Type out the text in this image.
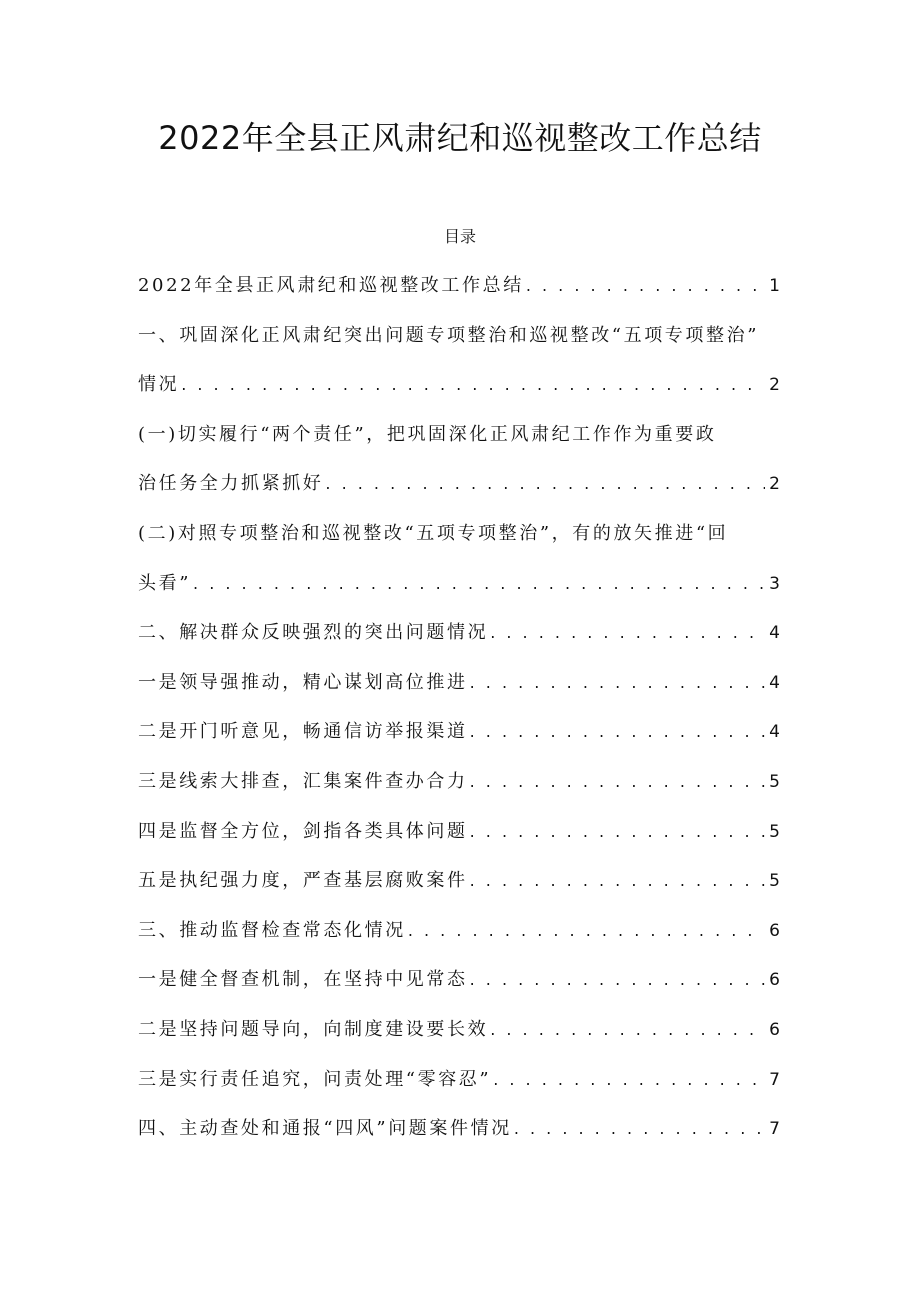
2022年全县正风肃纪和巡视整改工作总结
目录
2022年全县正风肃纪和巡视整改工作总结 . . .	1
一、巩固深化正风肃纪突出问题专项整治和巡视整改“五项专项整治”
情况 . . .	2
(一)切实履行“两个责任”，把巩固深化正风肃纪工作作为重要政
治任务全力抓紧抓好 . . .	2
(二)对照专项整治和巡视整改“五项专项整治”，有的放矢推进“回
头看” . . .	3
二、解决群众反映强烈的突出问题情况 . . .	4
一是领导强推动，精心谋划高位推进 . . .	4
二是开门听意见，畅通信访举报渠道 . . .	4
三是线索大排查，汇集案件查办合力 . . .	5
四是监督全方位，剑指各类具体问题 . . .	5
五是执纪强力度，严查基层腐败案件 . . .	5
三、推动监督检查常态化情况 . . .	6
一是健全督查机制，在坚持中见常态 . . .	6
二是坚持问题导向，向制度建设要长效 . . .	6
三是实行责任追究，问责处理“零容忍” . . .	7
四、主动查处和通报“四风”问题案件情况 . . .	7
